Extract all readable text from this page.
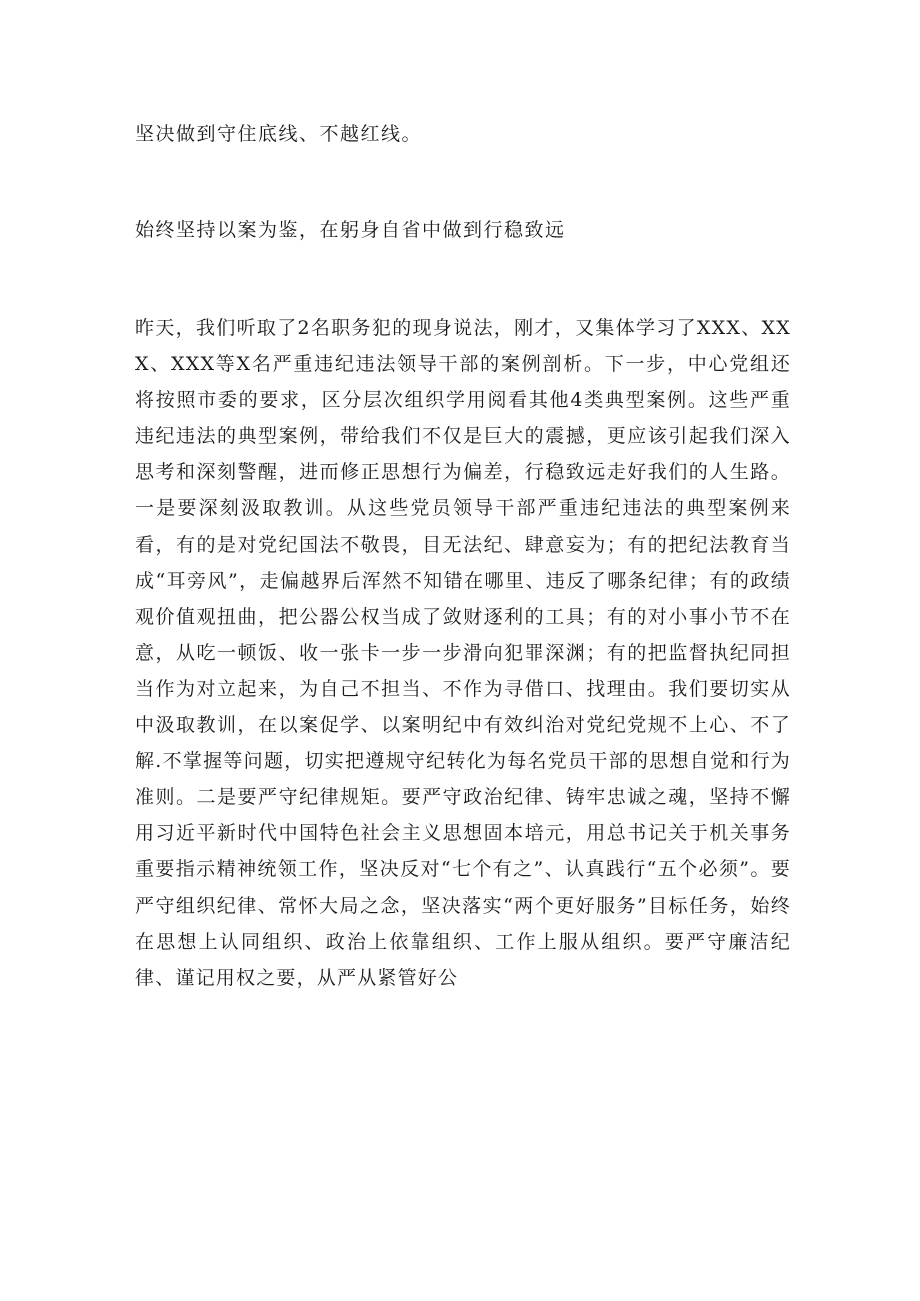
坚决做到守住底线、不越红线。
始终坚持以案为鉴，在躬身自省中做到行稳致远
昨天，我们听取了2名职务犯的现身说法，刚才，又集体学习了XXX、XXX、XXX等X名严重违纪违法领导干部的案例剖析。下一步，中心党组还将按照市委的要求，区分层次组织学用阅看其他4类典型案例。这些严重违纪违法的典型案例，带给我们不仅是巨大的震撼，更应该引起我们深入思考和深刻警醒，进而修正思想行为偏差，行稳致远走好我们的人生路。一是要深刻汲取教训。从这些党员领导干部严重违纪违法的典型案例来看，有的是对党纪国法不敬畏，目无法纪、肆意妄为；有的把纪法教育当成“耳旁风”，走偏越界后浑然不知错在哪里、违反了哪条纪律；有的政绩观价值观扭曲，把公器公权当成了敛财逐利的工具；有的对小事小节不在意，从吃一顿饭、收一张卡一步一步滑向犯罪深渊；有的把监督执纪同担当作为对立起来，为自己不担当、不作为寻借口、找理由。我们要切实从中汲取教训，在以案促学、以案明纪中有效纠治对党纪党规不上心、不了解.不掌握等问题，切实把遵规守纪转化为每名党员干部的思想自觉和行为准则。二是要严守纪律规矩。要严守政治纪律、铸牢忠诚之魂，坚持不懈用习近平新时代中国特色社会主义思想固本培元，用总书记关于机关事务重要指示精神统领工作，坚决反对“七个有之”、认真践行“五个必须”。要严守组织纪律、常怀大局之念，坚决落实“两个更好服务”目标任务，始终在思想上认同组织、政治上依靠组织、工作上服从组织。要严守廉洁纪律、谨记用权之要，从严从紧管好公
